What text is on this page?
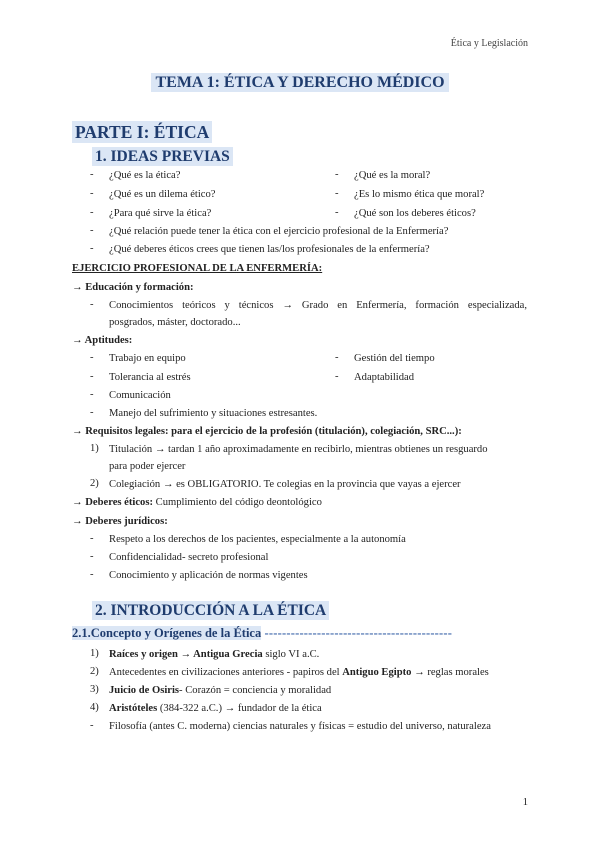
Ética y Legislación
TEMA 1: ÉTICA Y DERECHO MÉDICO
PARTE I: ÉTICA
1. IDEAS PREVIAS
- ¿Qué es la ética?	- ¿Qué es la moral?
- ¿Qué es un dilema ético?	- ¿Es lo mismo ética que moral?
- ¿Para qué sirve la ética?	- ¿Qué son los deberes éticos?
- ¿Qué relación puede tener la ética con el ejercicio profesional de la Enfermería?
- ¿Qué deberes éticos crees que tienen las/los profesionales de la enfermería?
EJERCICIO PROFESIONAL DE LA ENFERMERÍA:
→ Educación y formación:
- Conocimientos teóricos y técnicos → Grado en Enfermería, formación especializada,
posgrados, máster, doctorado...
→ Aptitudes:
- Trabajo en equipo	- Gestión del tiempo
- Tolerancia al estrés	- Adaptabilidad
- Comunicación
- Manejo del sufrimiento y situaciones estresantes.
→ Requisitos legales: para el ejercicio de la profesión (titulación), colegiación, SRC...):
1) Titulación → tardan 1 año aproximadamente en recibirlo, mientras obtienes un resguardo
para poder ejercer
2) Colegiación → es OBLIGATORIO. Te colegias en la provincia que vayas a ejercer
→ Deberes éticos: Cumplimiento del código deontológico
→ Deberes jurídicos:
- Respeto a los derechos de los pacientes, especialmente a la autonomía
- Confidencialidad- secreto profesional
- Conocimiento y aplicación de normas vigentes
2. INTRODUCCIÓN A LA ÉTICA
2.1.Concepto y Orígenes de la Ética -------------------------------------------
1) Raíces y origen → Antigua Grecia siglo VI a.C.
2) Antecedentes en civilizaciones anteriores - papiros del Antiguo Egipto → reglas morales
3) Juicio de Osiris- Corazón = conciencia y moralidad
4) Aristóteles (384-322 a.C.) → fundador de la ética
- Filosofía (antes C. moderna) ciencias naturales y físicas = estudio del universo, naturaleza
1
